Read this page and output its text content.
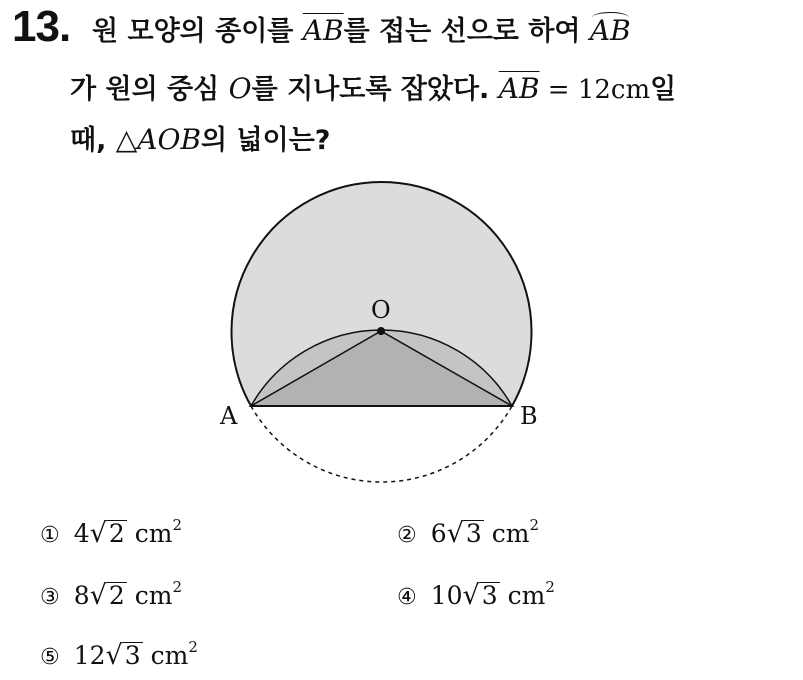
13. 원 모양의 종이를 $\overline{AB}$를 접는 선으로 하여 AB
가 원의 중심 O를 지나도록 잡았다. $\overline{AB} = 12cm$일
때, △AOB의 넓이는?
O
A	B
① 4√2 $cm^2$	② 6√3 $cm^2$
③ 8√2 $cm^2$	④ 10√3 $cm^2$
⑤ 12√3 $cm^2$
